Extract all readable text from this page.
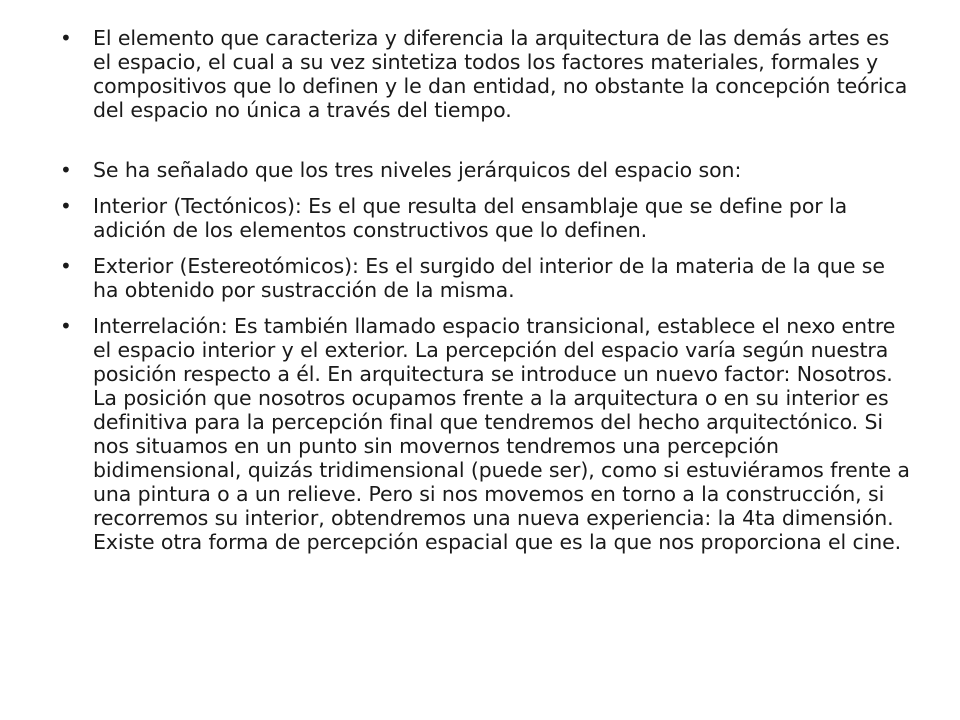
•	El elemento que caracteriza y diferencia la arquitectura de las demás artes es el espacio, el cual a su vez sintetiza todos los factores materiales, formales y compositivos que lo definen y le dan entidad, no obstante la concepción teórica del espacio no única a través del tiempo.
•	Se ha señalado que los tres niveles jerárquicos del espacio son:
•	Interior (Tectónicos): Es el que resulta del ensamblaje que se define por la adición de los elementos constructivos que lo definen.
•	Exterior (Estereotómicos): Es el surgido del interior de la materia de la que se ha obtenido por sustracción de la misma.
•	Interrelación: Es también llamado espacio transicional, establece el nexo entre el espacio interior y el exterior. La percepción del espacio varía según nuestra posición respecto a él. En arquitectura se introduce un nuevo factor: Nosotros. La posición que nosotros ocupamos frente a la arquitectura o en su interior es definitiva para la percepción final que tendremos del hecho arquitectónico. Si nos situamos en un punto sin movernos tendremos una percepción bidimensional, quizás tridimensional (puede ser), como si estuviéramos frente a una pintura o a un relieve. Pero si nos movemos en torno a la construcción, si recorremos su interior, obtendremos una nueva experiencia: la 4ta dimensión. Existe otra forma de percepción espacial que es la que nos proporciona el cine.
